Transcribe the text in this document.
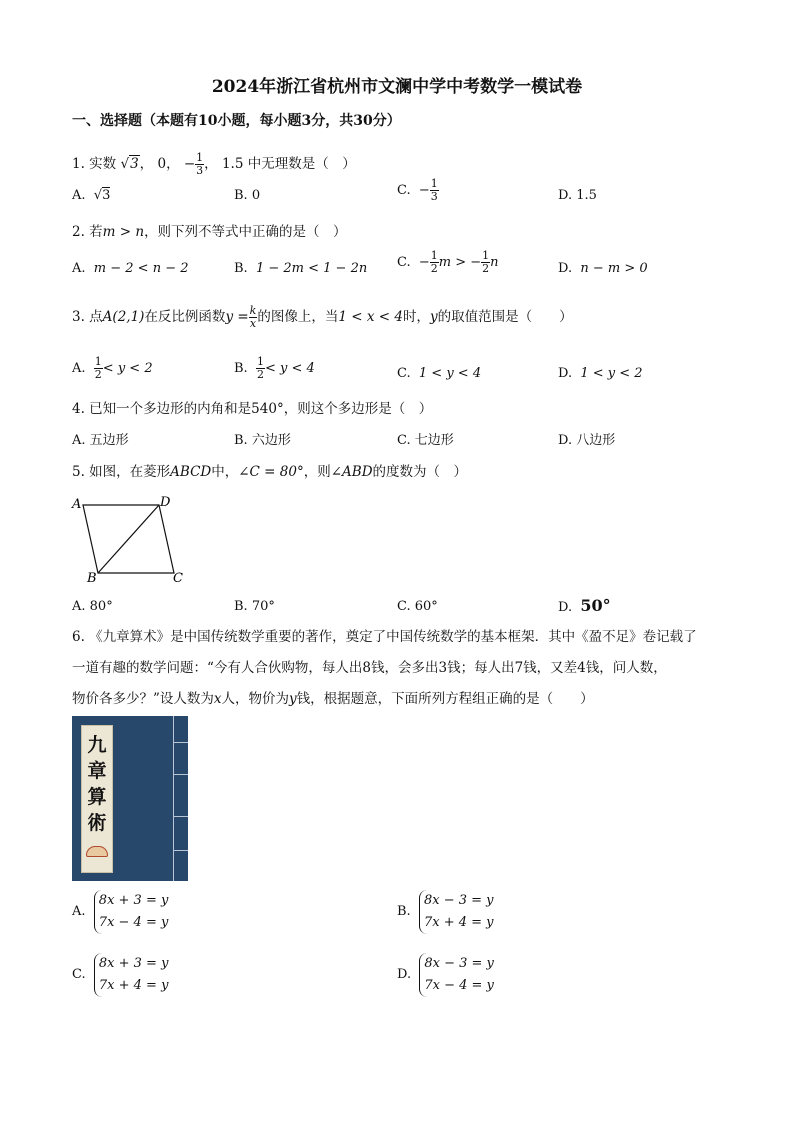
2024年浙江省杭州市文澜中学中考数学一模试卷
一、选择题（本题有10小题，每小题3分，共30分）
1. 实数 √3， 0， − $\frac{1}{3}$ ， 1.5 中无理数是（　）
A.  √3	B. 0	C. − $\frac{1}{3}$	D. 1.5
2. 若m > n，则下列不等式中正确的是（　）
A.  m − 2 < n − 2	B.  1 − 2m < 1 − 2n C.  − $\frac{1}{2}$ m > − $\frac{1}{2}$ n	D.  n − m > 0
3. 点A(2,1)在反比例函数$y = \frac{k}{x}$ 的图像上，当1 < x < 4时，y的取值范围是（　　）
A. $\frac{1}{2} < y < 2$	B. $\frac{1}{2} < y < 4$	C.  1 < y < 4	D.  1 < y < 2
4. 已知一个多边形的内角和是540°，则这个多边形是（　）
A. 五边形	B. 六边形	C. 七边形	D. 八边形
5. 如图，在菱形ABCD中，∠C = 80°，则∠ABD的度数为（　）
A	D
B	C
A. 80°	B. 70°	C. 60°	D. 50°
6. 《九章算术》是中国传统数学重要的著作，奠定了中国传统数学的基本框架．其中《盈不足》卷记载了
一道有趣的数学问题：“今有人合伙购物，每人出8钱，会多出3钱；每人出7钱，又差4钱，问人数，
物价各多少？”设人数为x人，物价为y钱，根据题意，下面所列方程组正确的是（　　）
九
章
算
術
A.
8x + 3 = y
7x − 4 = y
B.
8x − 3 = y
7x + 4 = y
C.
8x + 3 = y
7x + 4 = y
D.
8x − 3 = y
7x − 4 = y
